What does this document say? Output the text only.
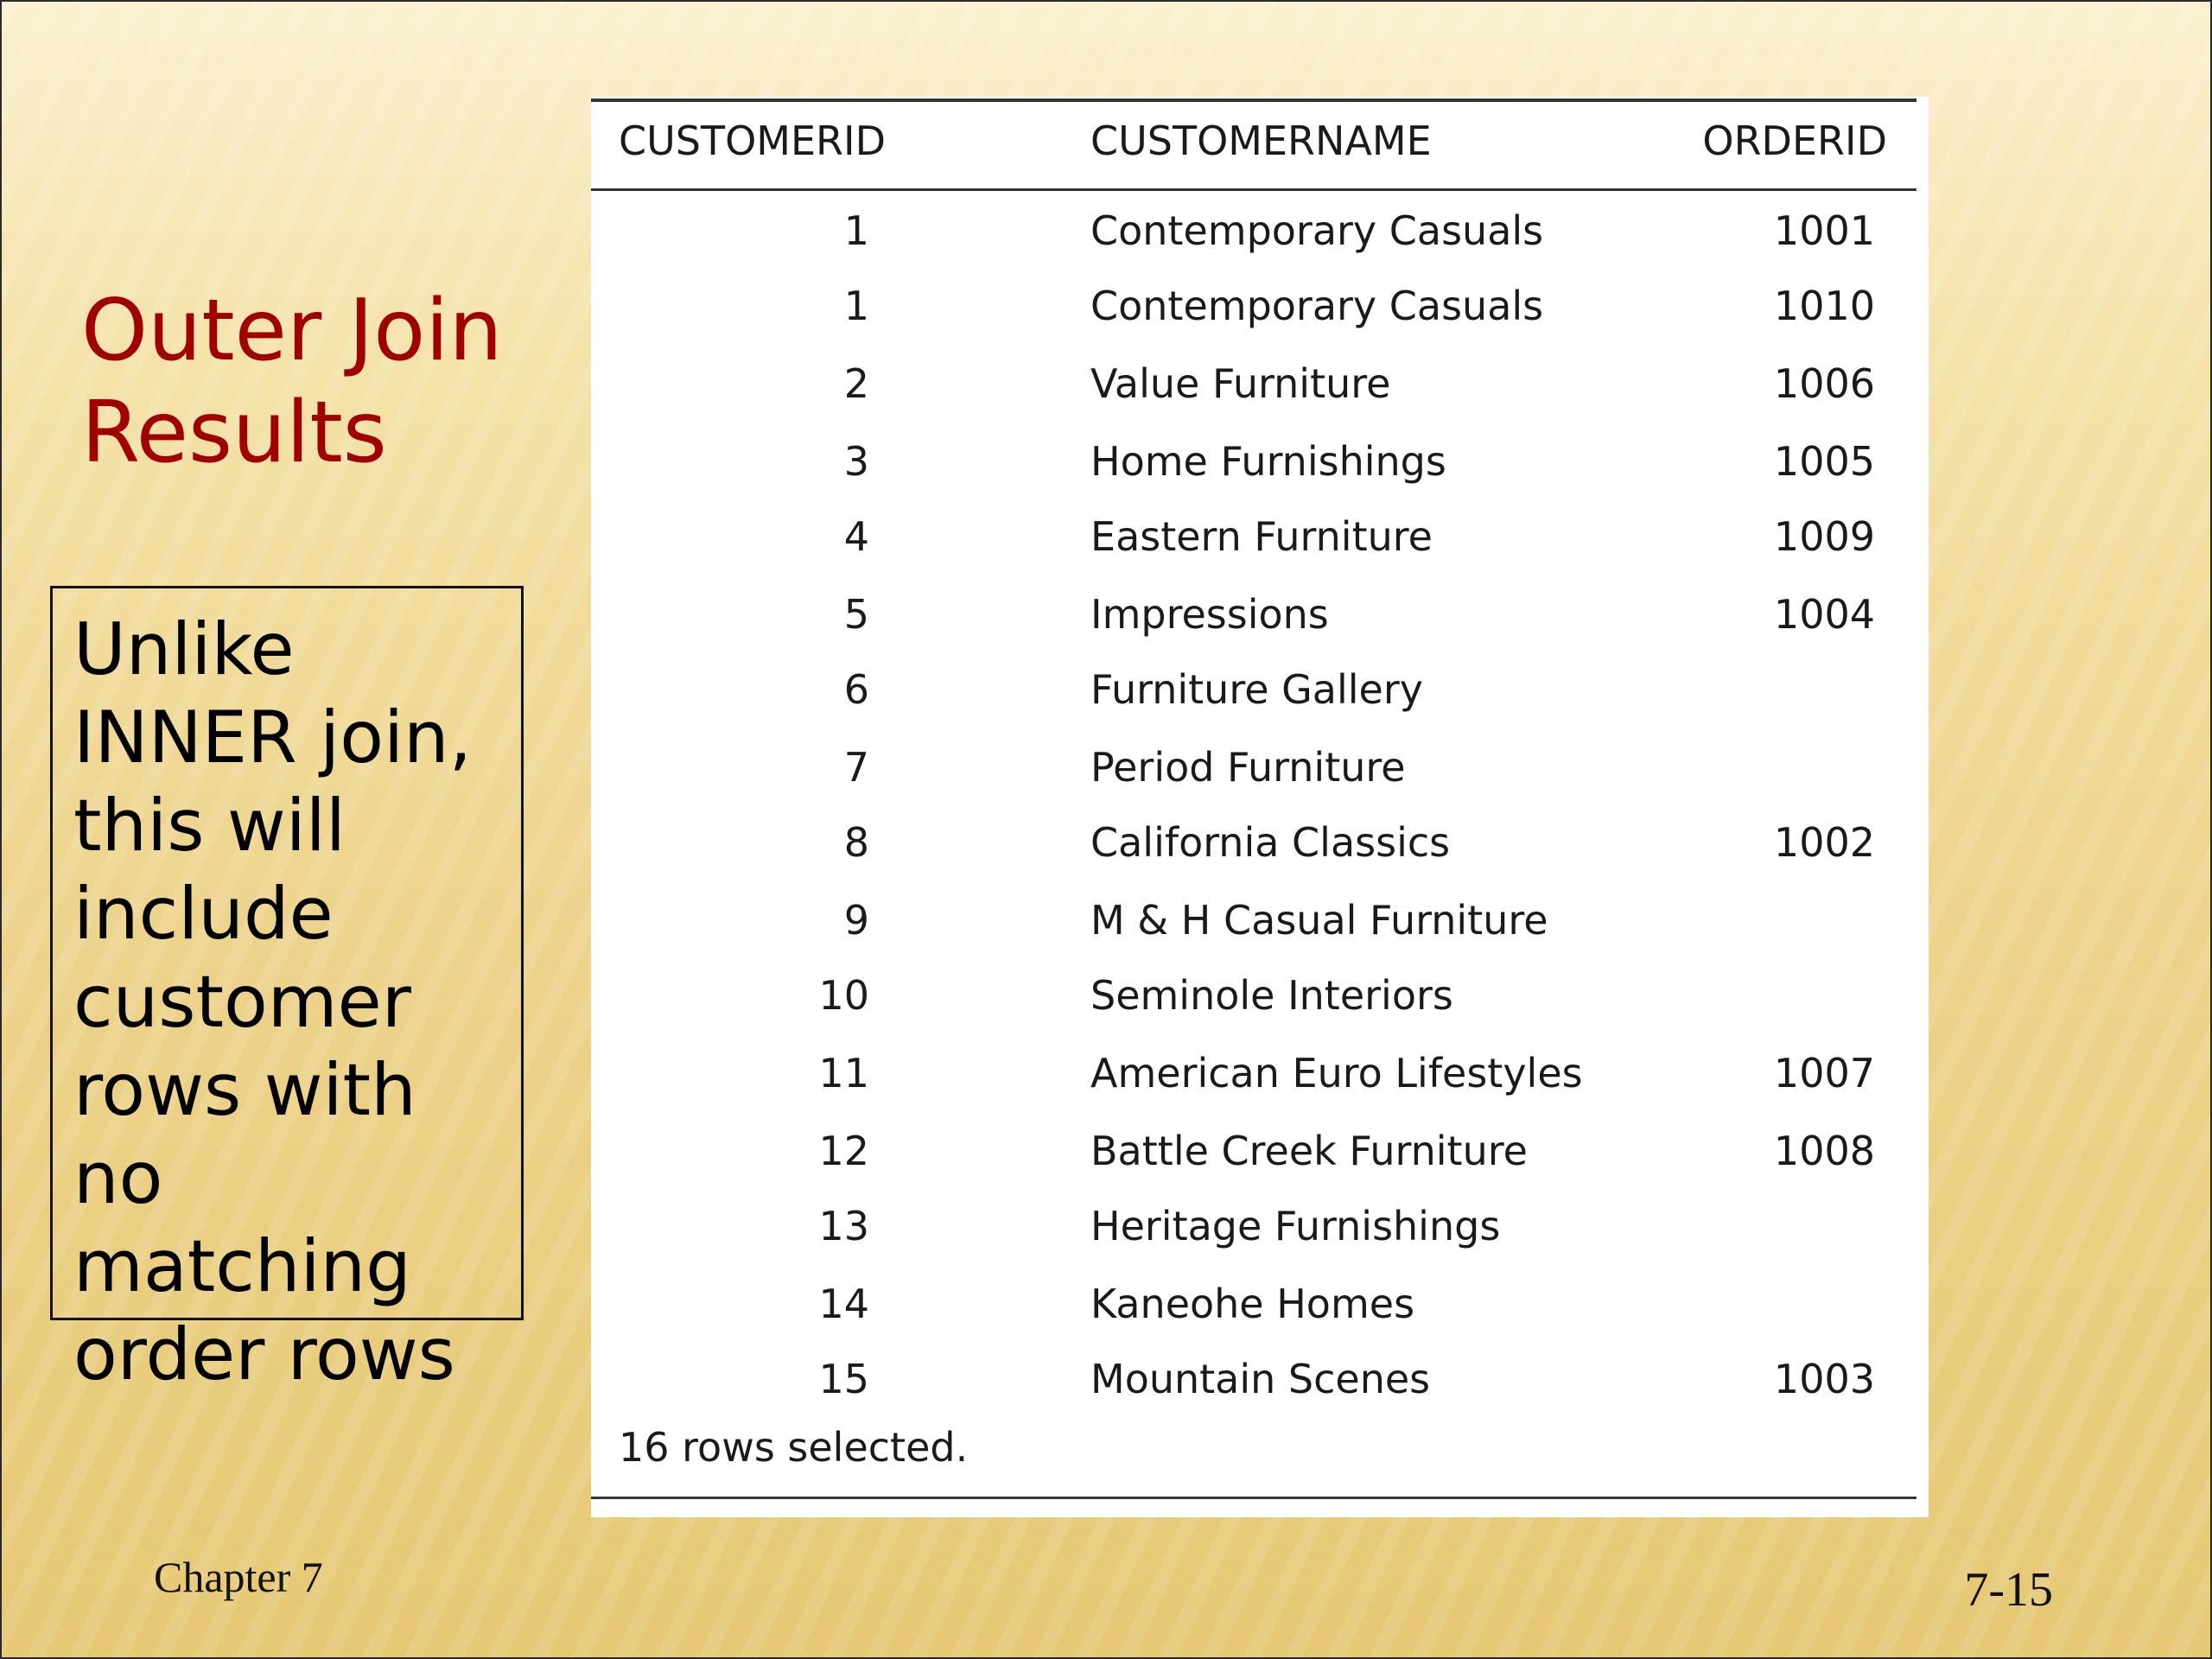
Outer Join
Results
Unlike
INNER join,
this will
include
customer
rows with no
matching
order rows
CUSTOMERID	CUSTOMERNAME	ORDERID
1	Contemporary Casuals	1001
1	Contemporary Casuals	1010
2	Value Furniture	1006
3	Home Furnishings	1005
4	Eastern Furniture	1009
5	Impressions	1004
6	Furniture Gallery
7	Period Furniture
8	California Classics	1002
9	M & H Casual Furniture
10	Seminole Interiors
11	American Euro Lifestyles	1007
12	Battle Creek Furniture	1008
13	Heritage Furnishings
14	Kaneohe Homes
15	Mountain Scenes	1003
16 rows selected.
Chapter 7	7-15
